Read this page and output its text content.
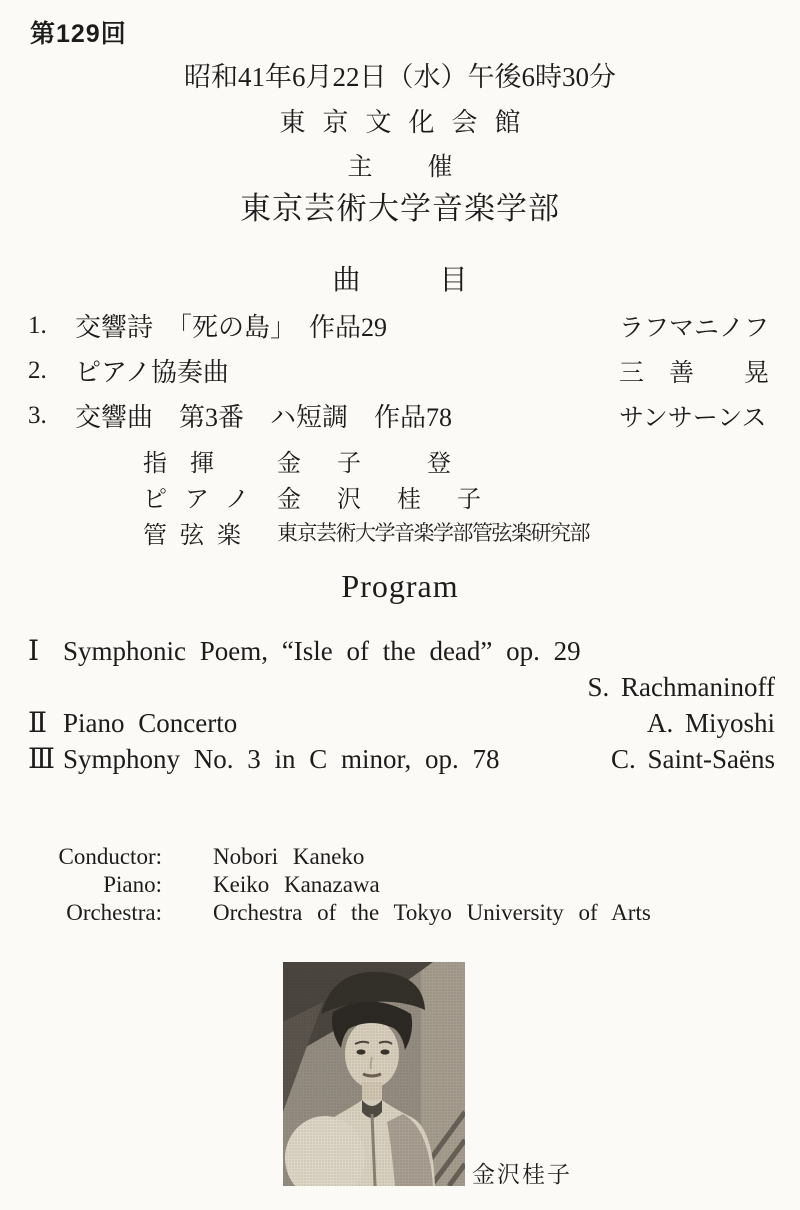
第129回
昭和41年6月22日（水）午後6時30分
東京文化会館
主 催
東京芸術大学音楽学部
曲	目
1.	交響詩　「死の島」　作品29	ラフマニノフ
2.	ピアノ協奏曲	三　善　　晃
3.	交響曲　第3番　ハ短調　作品78	サンサーンス
指揮	金　子　　登
ピアノ 金　沢　桂　子
管弦楽	東京芸術大学音楽学部管弦楽研究部
Program
Ⅰ Symphonic Poem, “Isle of the dead” op. 29
S. Rachmaninoff
Ⅱ Piano Concerto	A. Miyoshi
Ⅲ Symphony No. 3 in C minor, op. 78	C. Saint-Saëns
Conductor: Nobori Kaneko
Piano: Keiko Kanazawa
Orchestra: Orchestra of the Tokyo University of Arts
金沢桂子
